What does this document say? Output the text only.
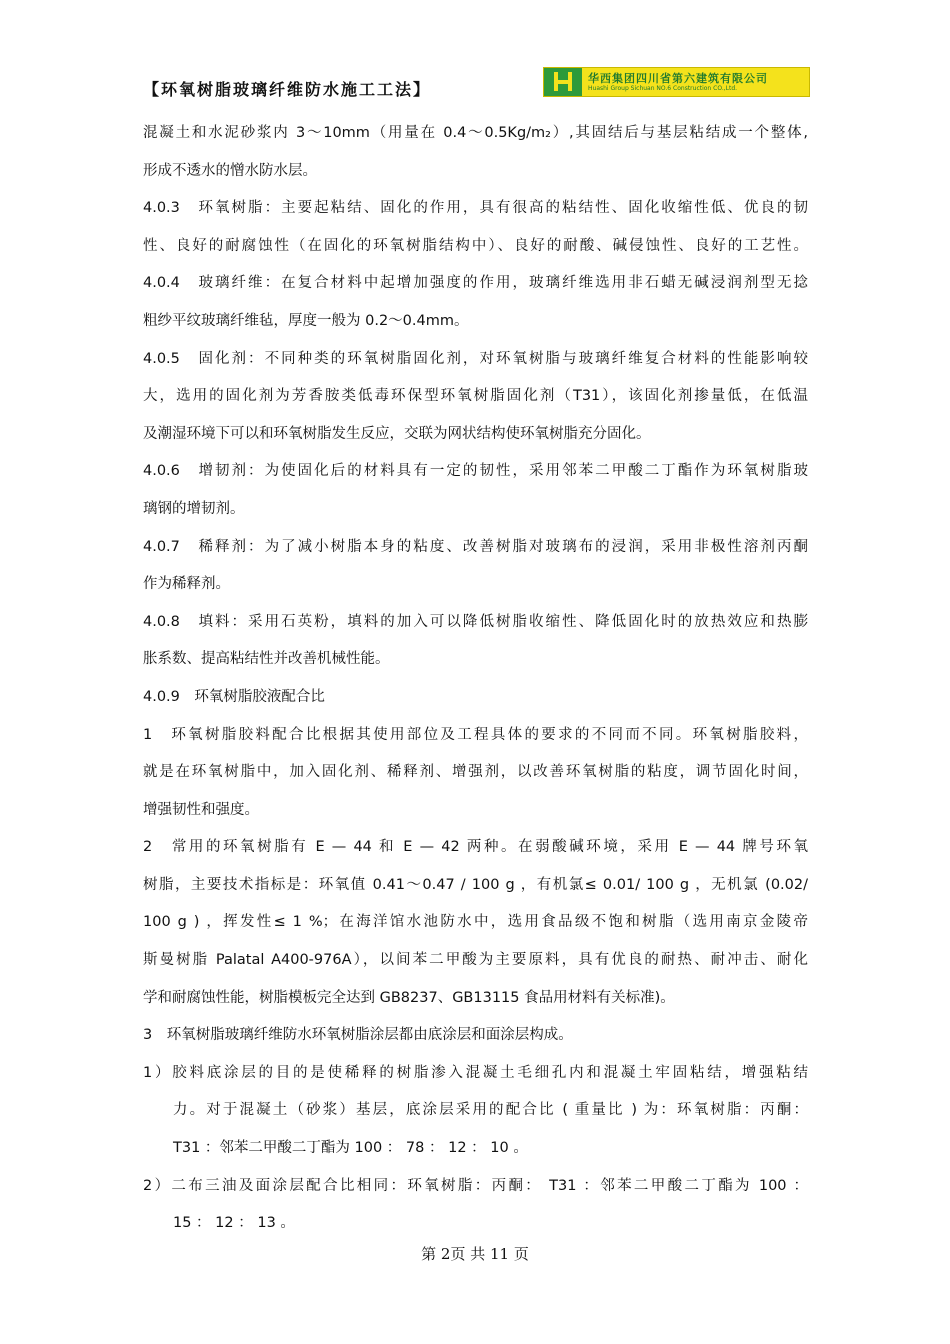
【环氧树脂玻璃纤维防水施工工法】
华西集团四川省第六建筑有限公司
Huashi Group Sichuan NO.6 Construction CO.,Ltd.
混凝土和水泥砂浆内 3～10mm（用量在 0.4～0.5Kg/m₂）,其固结后与基层粘结成一个整体,
形成不透水的憎水防水层。
4.0.3　环氧树脂：主要起粘结、固化的作用，具有很高的粘结性、固化收缩性低、优良的韧
性、良好的耐腐蚀性（在固化的环氧树脂结构中）、良好的耐酸、碱侵蚀性、良好的工艺性。
4.0.4　玻璃纤维：在复合材料中起增加强度的作用，玻璃纤维选用非石蜡无碱浸润剂型无捻
粗纱平纹玻璃纤维毡，厚度一般为 0.2～0.4mm。
4.0.5　固化剂：不同种类的环氧树脂固化剂，对环氧树脂与玻璃纤维复合材料的性能影响较
大，选用的固化剂为芳香胺类低毒环保型环氧树脂固化剂（T31），该固化剂掺量低，在低温
及潮湿环境下可以和环氧树脂发生反应，交联为网状结构使环氧树脂充分固化。
4.0.6　增韧剂：为使固化后的材料具有一定的韧性，采用邻苯二甲酸二丁酯作为环氧树脂玻
璃钢的增韧剂。
4.0.7　稀释剂：为了减小树脂本身的粘度、改善树脂对玻璃布的浸润，采用非极性溶剂丙酮
作为稀释剂。
4.0.8　填料：采用石英粉，填料的加入可以降低树脂收缩性、降低固化时的放热效应和热膨
胀系数、提高粘结性并改善机械性能。
4.0.9　环氧树脂胶液配合比
1　环氧树脂胶料配合比根据其使用部位及工程具体的要求的不同而不同。环氧树脂胶料，
就是在环氧树脂中，加入固化剂、稀释剂、增强剂，以改善环氧树脂的粘度，调节固化时间，
增强韧性和强度。
2　常用的环氧树脂有 E — 44 和 E — 42 两种。在弱酸碱环境，采用 E — 44 牌号环氧
树脂，主要技术指标是：环氧值 0.41～0.47 / 100 g ，有机氯≤ 0.01/ 100 g ，无机氯 (0.02/
100 g ) ，挥发性≤ 1 %；在海洋馆水池防水中，选用食品级不饱和树脂（选用南京金陵帝
斯曼树脂 Palatal A400-976A），以间苯二甲酸为主要原料，具有优良的耐热、耐冲击、耐化
学和耐腐蚀性能，树脂模板完全达到 GB8237、GB13115 食品用材料有关标准)。
3　环氧树脂玻璃纤维防水环氧树脂涂层都由底涂层和面涂层构成。
1）胶料底涂层的目的是使稀释的树脂渗入混凝土毛细孔内和混凝土牢固粘结，增强粘结
力。对于混凝土（砂浆）基层，底涂层采用的配合比 ( 重量比 ) 为：环氧树脂：丙酮：
T31 ：邻苯二甲酸二丁酯为 100 ： 78 ： 12 ： 10 。
2）二布三油及面涂层配合比相同：环氧树脂：丙酮： T31 ：邻苯二甲酸二丁酯为 100 ：
15 ： 12 ： 13 。
第 2页 共 11 页
